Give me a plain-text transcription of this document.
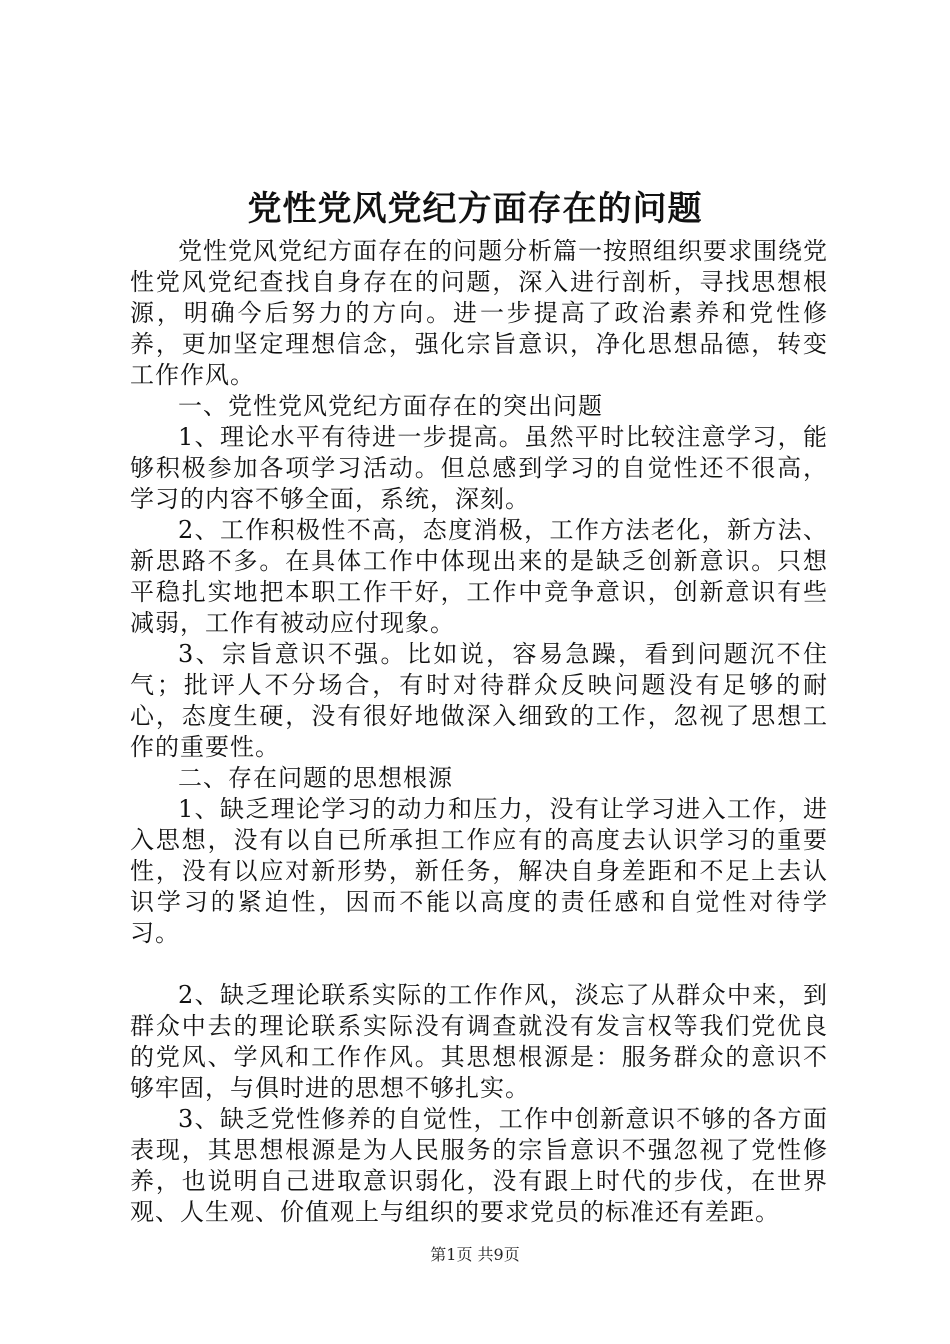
党性党风党纪方面存在的问题

党性党风党纪方面存在的问题分析篇一按照组织要求围绕党性党风党纪查找自身存在的问题，深入进行剖析，寻找思想根源，明确今后努力的方向。进一步提高了政治素养和党性修养，更加坚定理想信念，强化宗旨意识，净化思想品德，转变工作作风。

一、党性党风党纪方面存在的突出问题

1、理论水平有待进一步提高。虽然平时比较注意学习，能够积极参加各项学习活动。但总感到学习的自觉性还不很高，学习的内容不够全面，系统，深刻。

2、工作积极性不高，态度消极，工作方法老化，新方法、新思路不多。在具体工作中体现出来的是缺乏创新意识。只想平稳扎实地把本职工作干好，工作中竞争意识，创新意识有些减弱，工作有被动应付现象。

3、宗旨意识不强。比如说，容易急躁，看到问题沉不住气；批评人不分场合，有时对待群众反映问题没有足够的耐心，态度生硬，没有很好地做深入细致的工作，忽视了思想工作的重要性。

二、存在问题的思想根源

1、缺乏理论学习的动力和压力，没有让学习进入工作，进入思想，没有以自已所承担工作应有的高度去认识学习的重要性，没有以应对新形势，新任务，解决自身差距和不足上去认识学习的紧迫性，因而不能以高度的责任感和自觉性对待学习。

2、缺乏理论联系实际的工作作风，淡忘了从群众中来，到群众中去的理论联系实际没有调查就没有发言权等我们党优良的党风、学风和工作作风。其思想根源是：服务群众的意识不够牢固，与俱时进的思想不够扎实。

3、缺乏党性修养的自觉性，工作中创新意识不够的各方面表现，其思想根源是为人民服务的宗旨意识不强忽视了党性修养，也说明自己进取意识弱化，没有跟上时代的步伐，在世界观、人生观、价值观上与组织的要求党员的标准还有差距。

第1页 共9页
